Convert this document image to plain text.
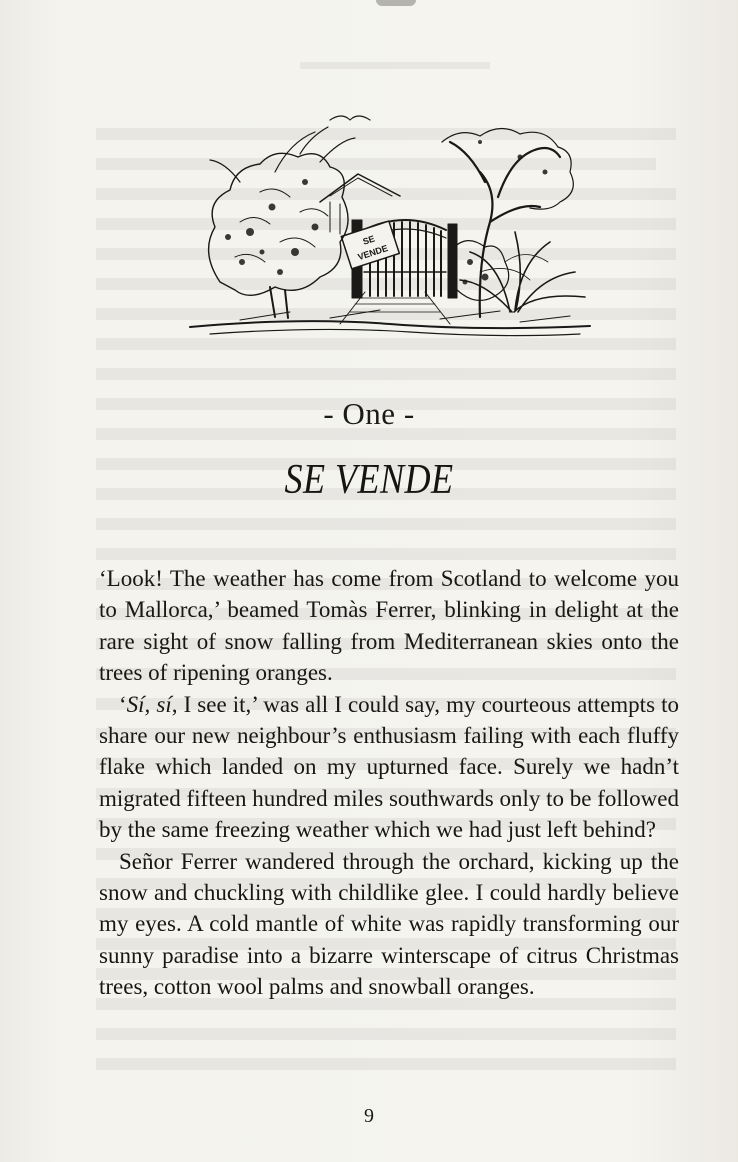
SE
VENDE
- One -
SE VENDE

‘Look! The weather has come from Scotland to welcome you to Mallorca,’ beamed Tomàs Ferrer, blinking in delight at the rare sight of snow falling from Mediterranean skies onto the trees of ripening oranges.

‘Sí, sí, I see it,’ was all I could say, my courteous attempts to share our new neighbour’s enthusiasm failing with each fluffy flake which landed on my upturned face. Surely we hadn’t migrated fifteen hundred miles southwards only to be followed by the same freezing weather which we had just left behind?

Señor Ferrer wandered through the orchard, kicking up the snow and chuckling with childlike glee. I could hardly believe my eyes. A cold mantle of white was rapidly transforming our sunny paradise into a bizarre winterscape of citrus Christmas trees, cotton wool palms and snowball oranges.

9
